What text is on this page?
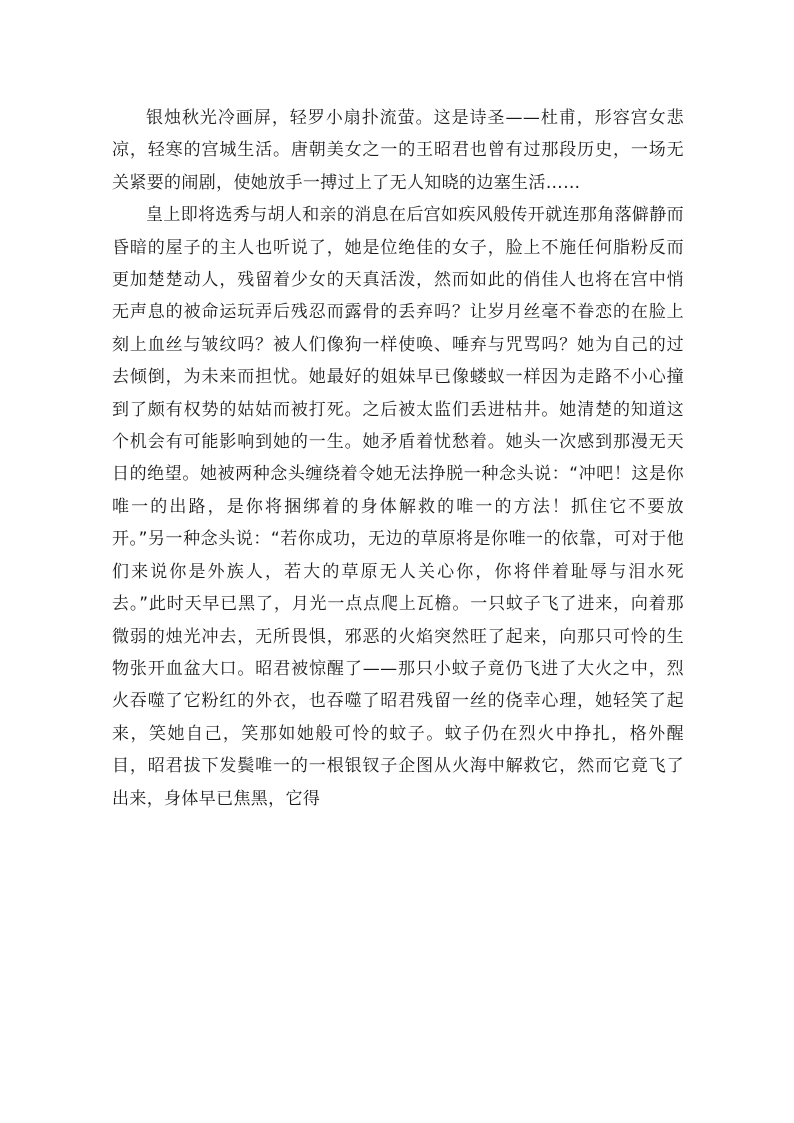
银烛秋光冷画屏，轻罗小扇扑流萤。这是诗圣——杜甫，形容宫女悲凉，轻寒的宫城生活。唐朝美女之一的王昭君也曾有过那段历史，一场无关紧要的闹剧，使她放手一搏过上了无人知晓的边塞生活……

皇上即将选秀与胡人和亲的消息在后宫如疾风般传开就连那角落僻静而昏暗的屋子的主人也听说了，她是位绝佳的女子，脸上不施任何脂粉反而更加楚楚动人，残留着少女的天真活泼，然而如此的俏佳人也将在宫中悄无声息的被命运玩弄后残忍而露骨的丢弃吗？让岁月丝毫不眷恋的在脸上刻上血丝与皱纹吗？被人们像狗一样使唤、唾弃与咒骂吗？她为自己的过去倾倒，为未来而担忧。她最好的姐妹早已像蝼蚁一样因为走路不小心撞到了颇有权势的姑姑而被打死。之后被太监们丢进枯井。她清楚的知道这个机会有可能影响到她的一生。她矛盾着忧愁着。她头一次感到那漫无天日的绝望。她被两种念头缠绕着令她无法挣脱一种念头说：“冲吧！这是你唯一的出路，是你将捆绑着的身体解救的唯一的方法！抓住它不要放开。”另一种念头说：“若你成功，无边的草原将是你唯一的依靠，可对于他们来说你是外族人，若大的草原无人关心你，你将伴着耻辱与泪水死去。”此时天早已黑了，月光一点点爬上瓦檐。一只蚊子飞了进来，向着那微弱的烛光冲去，无所畏惧，邪恶的火焰突然旺了起来，向那只可怜的生物张开血盆大口。昭君被惊醒了——那只小蚊子竟仍飞进了大火之中，烈火吞噬了它粉红的外衣，也吞噬了昭君残留一丝的侥幸心理，她轻笑了起来，笑她自己，笑那如她般可怜的蚊子。蚊子仍在烈火中挣扎，格外醒目，昭君拔下发鬓唯一的一根银钗子企图从火海中解救它，然而它竟飞了出来，身体早已焦黑，它得
